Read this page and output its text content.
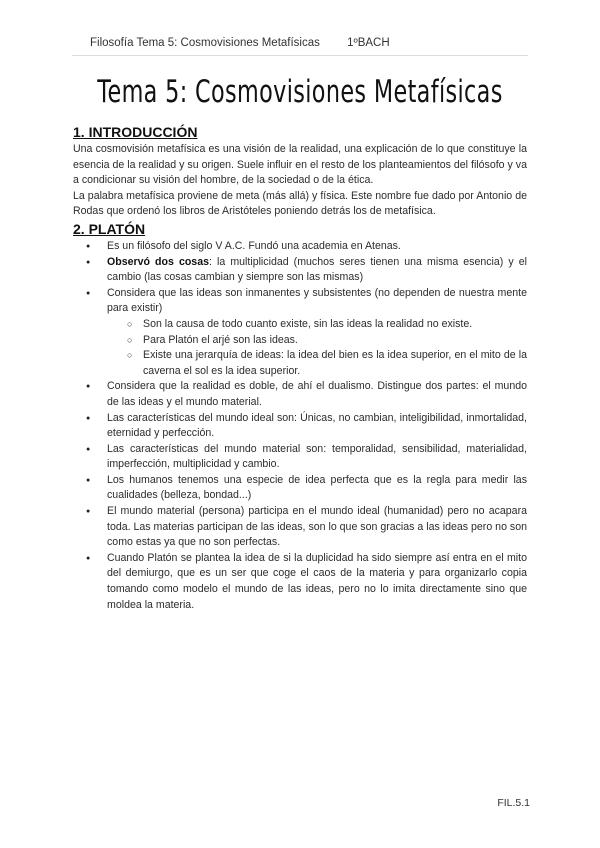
Filosofía Tema 5: Cosmovisiones Metafísicas 1ºBACH
Tema 5: Cosmovisiones Metafísicas
1. INTRODUCCIÓN

Una cosmovisión metafísica es una visión de la realidad, una explicación de lo que constituye la esencia de la realidad y su origen. Suele influir en el resto de los planteamientos del filósofo y va a condicionar su visión del hombre, de la sociedad o de la ética.

La palabra metafísica proviene de meta (más allá) y física. Este nombre fue dado por Antonio de Rodas que ordenó los libros de Aristóteles poniendo detrás los de metafísica.

2. PLATÓN
● Es un filósofo del siglo V A.C. Fundó una academia en Atenas.
● Observó dos cosas: la multiplicidad (muchos seres tienen una misma esencia) y el cambio (las cosas cambian y siempre son las mismas)
● Considera que las ideas son inmanentes y subsistentes (no dependen de nuestra mente para existir)
○ Son la causa de todo cuanto existe, sin las ideas la realidad no existe.
○ Para Platón el arjé son las ideas.
○ Existe una jerarquía de ideas: la idea del bien es la idea superior, en el mito de la caverna el sol es la idea superior.
● Considera que la realidad es doble, de ahí el dualismo. Distingue dos partes: el mundo de las ideas y el mundo material.
● Las características del mundo ideal son: Únicas, no cambian, inteligibilidad, inmortalidad, eternidad y perfección.
● Las características del mundo material son: temporalidad, sensibilidad, materialidad, imperfección, multiplicidad y cambio.
● Los humanos tenemos una especie de idea perfecta que es la regla para medir las cualidades (belleza, bondad...)
● El mundo material (persona) participa en el mundo ideal (humanidad) pero no acapara toda. Las materias participan de las ideas, son lo que son gracias a las ideas pero no son como estas ya que no son perfectas.
● Cuando Platón se plantea la idea de si la duplicidad ha sido siempre así entra en el mito del demiurgo, que es un ser que coge el caos de la materia y para organizarlo copia tomando como modelo el mundo de las ideas, pero no lo imita directamente sino que moldea la materia.
FIL.5.1
